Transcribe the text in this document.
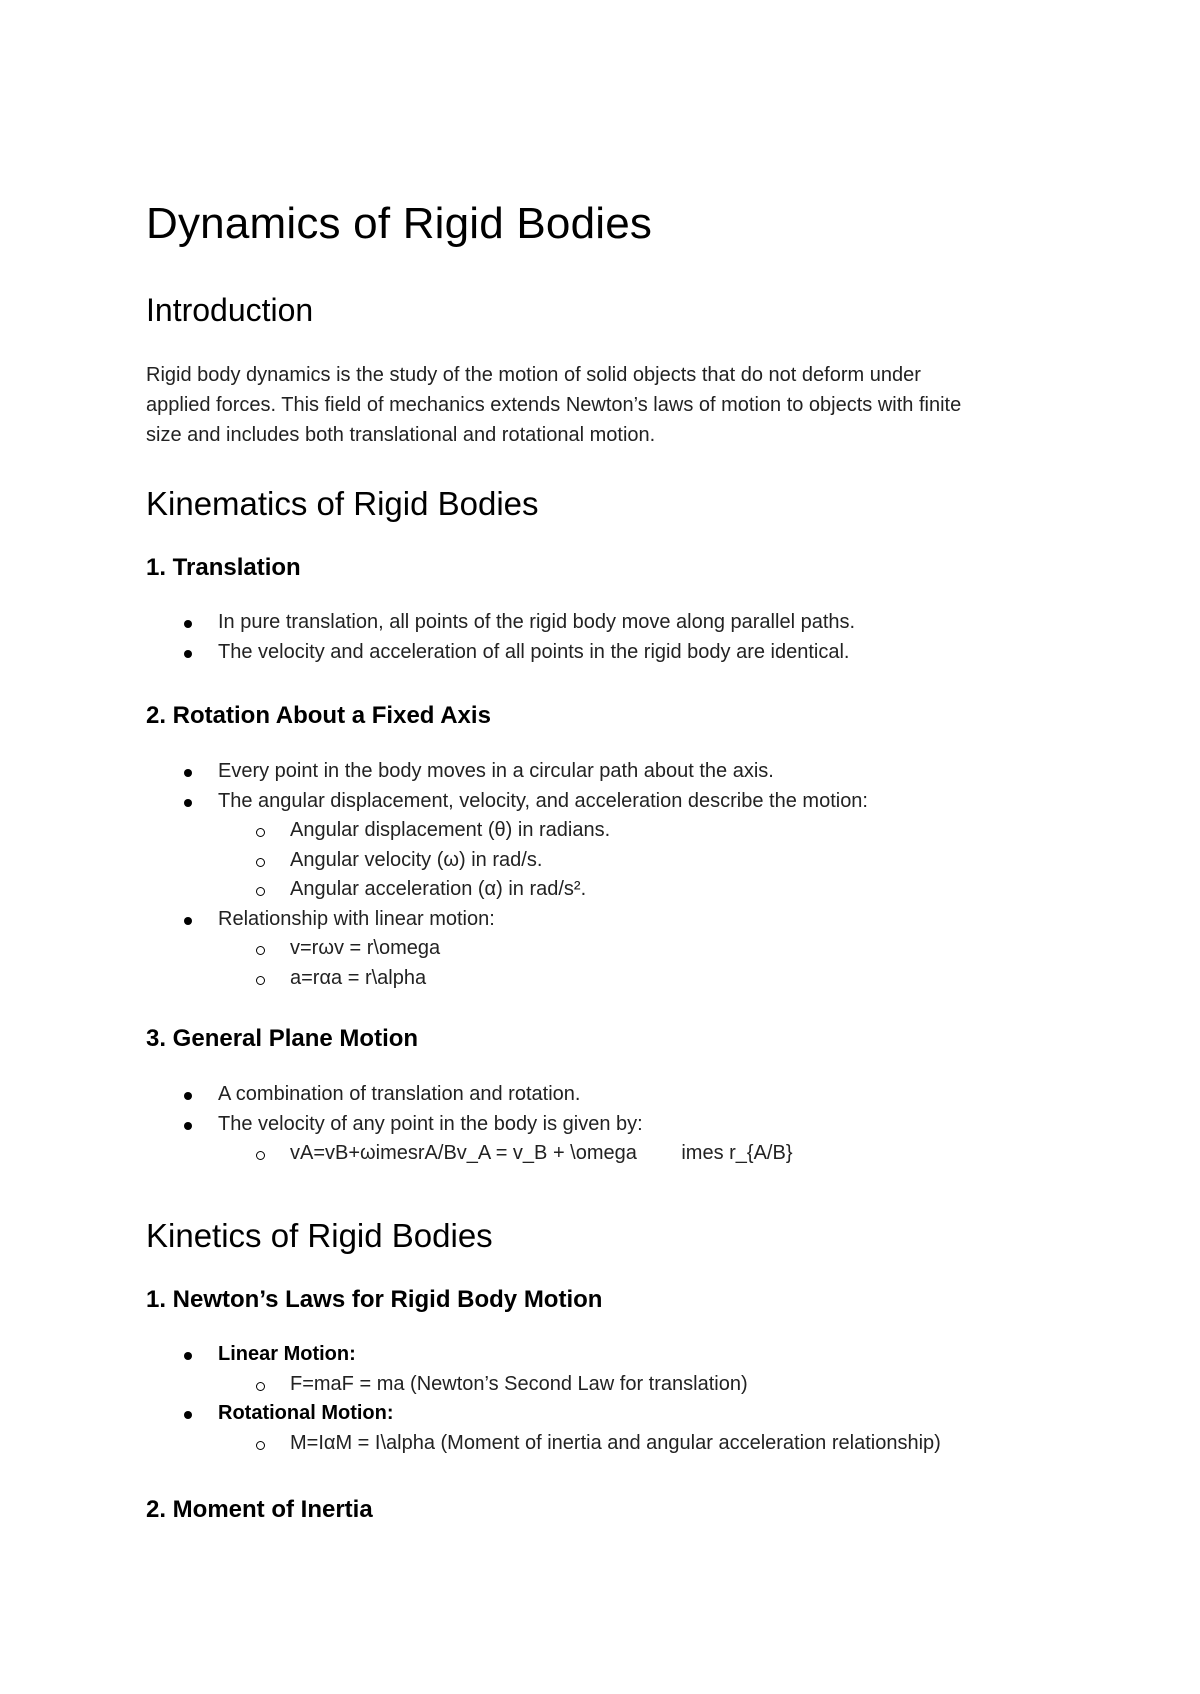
Dynamics of Rigid Bodies
Introduction

Rigid body dynamics is the study of the motion of solid objects that do not deform under
applied forces. This field of mechanics extends Newton’s laws of motion to objects with finite
size and includes both translational and rotational motion.

Kinematics of Rigid Bodies
1. Translation
In pure translation, all points of the rigid body move along parallel paths.
The velocity and acceleration of all points in the rigid body are identical.
2. Rotation About a Fixed Axis
Every point in the body moves in a circular path about the axis.
The angular displacement, velocity, and acceleration describe the motion:
Angular displacement (θ) in radians.
Angular velocity (ω) in rad/s.
Angular acceleration (α) in rad/s².
Relationship with linear motion:
v=rωv = r\omega
a=rαa = r\alpha
3. General Plane Motion
A combination of translation and rotation.
The velocity of any point in the body is given by:
vA=vB+ωimesrA/Bv_A = v_B + \omega        imes r_{A/B}
Kinetics of Rigid Bodies
1. Newton’s Laws for Rigid Body Motion
Linear Motion:
F=maF = ma (Newton’s Second Law for translation)
Rotational Motion:
M=IαM = I\alpha (Moment of inertia and angular acceleration relationship)
2. Moment of Inertia
